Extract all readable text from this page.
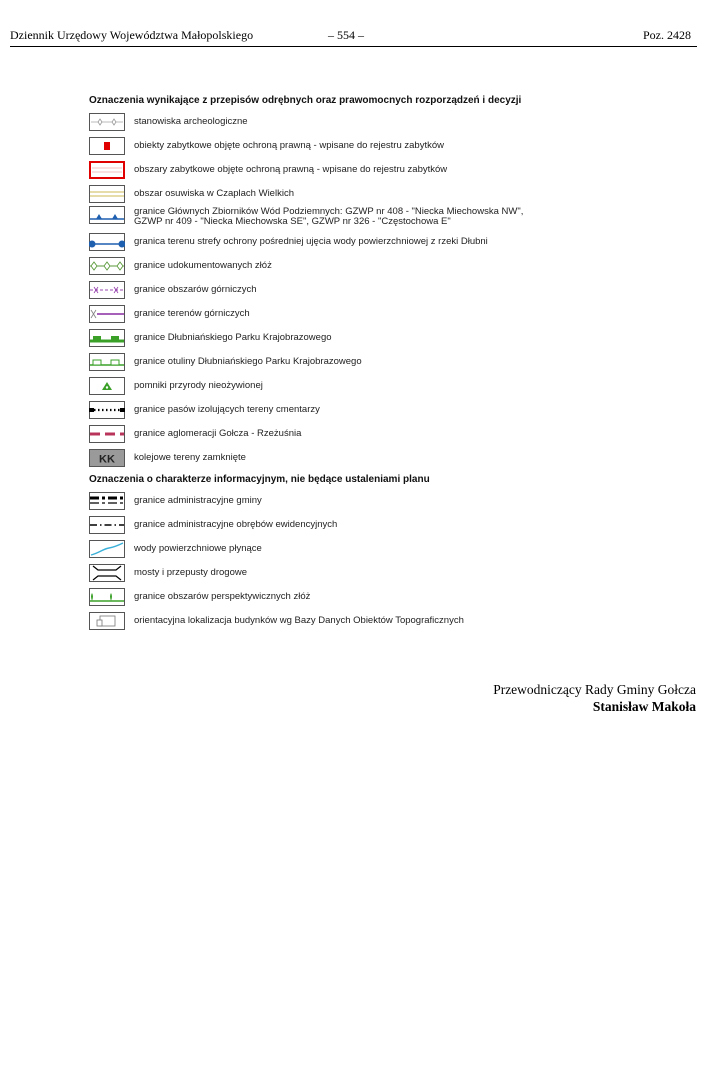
Dziennik Urzędowy Województwa Małopolskiego	– 554 –	Poz. 2428
Oznaczenia wynikające z przepisów odrębnych oraz prawomocnych rozporządzeń i decyzji
stanowiska archeologiczne
obiekty zabytkowe objęte ochroną prawną - wpisane do rejestru zabytków
obszary zabytkowe objęte ochroną prawną - wpisane do rejestru zabytków
obszar osuwiska w Czaplach Wielkich
granice Głównych Zbiorników Wód Podziemnych: GZWP nr 408 - "Niecka Miechowska NW",
GZWP nr 409 - "Niecka Miechowska SE", GZWP nr 326 - "Częstochowa E"
granica terenu strefy ochrony pośredniej ujęcia wody powierzchniowej z rzeki Dłubni
granice udokumentowanych złóż
granice obszarów górniczych
granice terenów górniczych
granice Dłubniańskiego Parku Krajobrazowego
granice otuliny Dłubniańskiego Parku Krajobrazowego
pomniki przyrody nieożywionej
granice pasów izolujących tereny cmentarzy
granice aglomeracji Gołcza - Rzeżuśnia
KK kolejowe tereny zamknięte
Oznaczenia o charakterze informacyjnym, nie będące ustaleniami planu
granice administracyjne gminy
granice administracyjne obrębów ewidencyjnych
wody powierzchniowe płynące
mosty i przepusty drogowe
granice obszarów perspektywicznych złóż
orientacyjna lokalizacja budynków wg Bazy Danych Obiektów Topograficznych
Przewodniczący Rady Gminy Gołcza
Stanisław Makoła
